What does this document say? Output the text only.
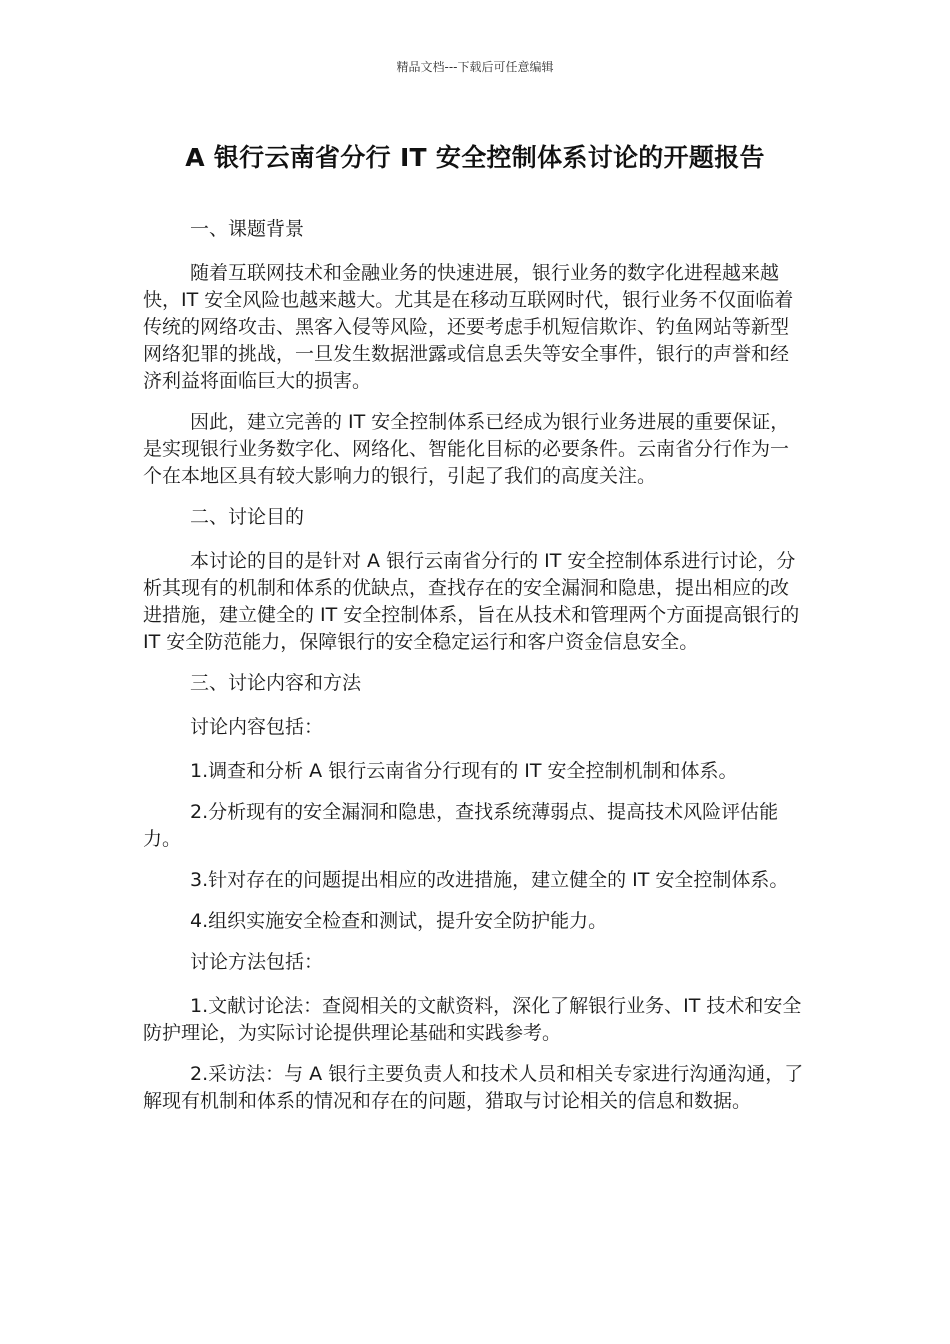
精品文档---下载后可任意编辑
A 银行云南省分行 IT 安全控制体系讨论的开题报告

一、课题背景

随着互联网技术和金融业务的快速进展，银行业务的数字化进程越来越快，IT 安全风险也越来越大。尤其是在移动互联网时代，银行业务不仅面临着传统的网络攻击、黑客入侵等风险，还要考虑手机短信欺诈、钓鱼网站等新型网络犯罪的挑战，一旦发生数据泄露或信息丢失等安全事件，银行的声誉和经济利益将面临巨大的损害。

因此，建立完善的 IT 安全控制体系已经成为银行业务进展的重要保证，是实现银行业务数字化、网络化、智能化目标的必要条件。云南省分行作为一个在本地区具有较大影响力的银行，引起了我们的高度关注。

二、讨论目的

本讨论的目的是针对 A 银行云南省分行的 IT 安全控制体系进行讨论，分析其现有的机制和体系的优缺点，查找存在的安全漏洞和隐患，提出相应的改进措施，建立健全的 IT 安全控制体系，旨在从技术和管理两个方面提高银行的 IT 安全防范能力，保障银行的安全稳定运行和客户资金信息安全。

三、讨论内容和方法

讨论内容包括：

1.调查和分析 A 银行云南省分行现有的 IT 安全控制机制和体系。

2.分析现有的安全漏洞和隐患，查找系统薄弱点、提高技术风险评估能力。

3.针对存在的问题提出相应的改进措施，建立健全的 IT 安全控制体系。

4.组织实施安全检查和测试，提升安全防护能力。

讨论方法包括：

1.文献讨论法：查阅相关的文献资料，深化了解银行业务、IT 技术和安全防护理论，为实际讨论提供理论基础和实践参考。

2.采访法：与 A 银行主要负责人和技术人员和相关专家进行沟通沟通，了解现有机制和体系的情况和存在的问题，猎取与讨论相关的信息和数据。
